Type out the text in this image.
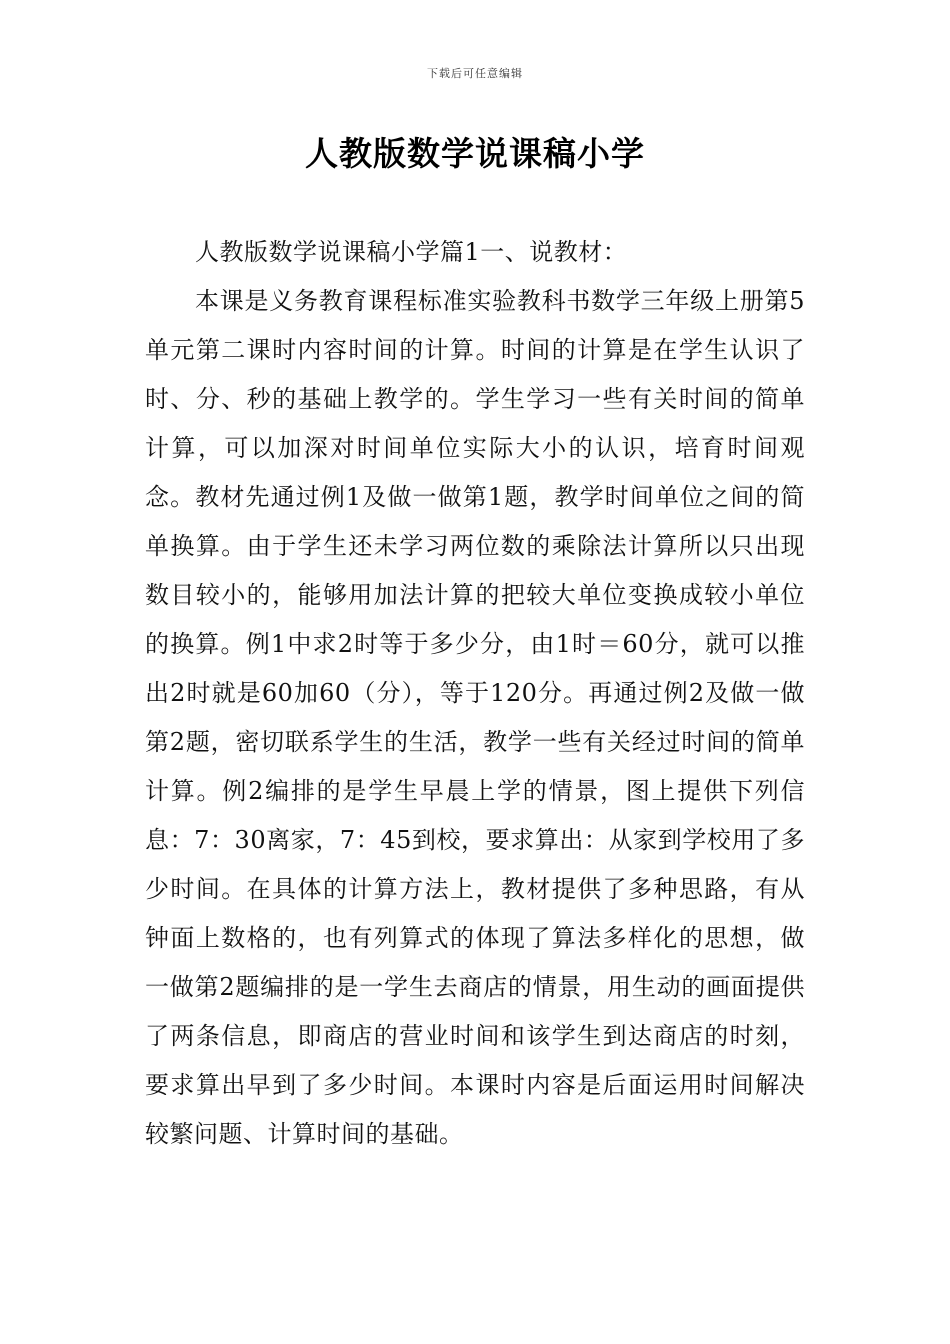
下载后可任意编辑
人教版数学说课稿小学

人教版数学说课稿小学篇1一、说教材：

本课是义务教育课程标准实验教科书数学三年级上册第5单元第二课时内容时间的计算。时间的计算是在学生认识了时、分、秒的基础上教学的。学生学习一些有关时间的简单计算，可以加深对时间单位实际大小的认识，培育时间观念。教材先通过例1及做一做第1题，教学时间单位之间的简单换算。由于学生还未学习两位数的乘除法计算所以只出现数目较小的，能够用加法计算的把较大单位变换成较小单位的换算。例1中求2时等于多少分，由1时＝60分，就可以推出2时就是60加60（分），等于120分。再通过例2及做一做第2题，密切联系学生的生活，教学一些有关经过时间的简单计算。例2编排的是学生早晨上学的情景，图上提供下列信息：7：30离家，7：45到校，要求算出：从家到学校用了多少时间。在具体的计算方法上，教材提供了多种思路，有从钟面上数格的，也有列算式的体现了算法多样化的思想，做一做第2题编排的是一学生去商店的情景，用生动的画面提供了两条信息，即商店的营业时间和该学生到达商店的时刻，要求算出早到了多少时间。本课时内容是后面运用时间解决较繁问题、计算时间的基础。
